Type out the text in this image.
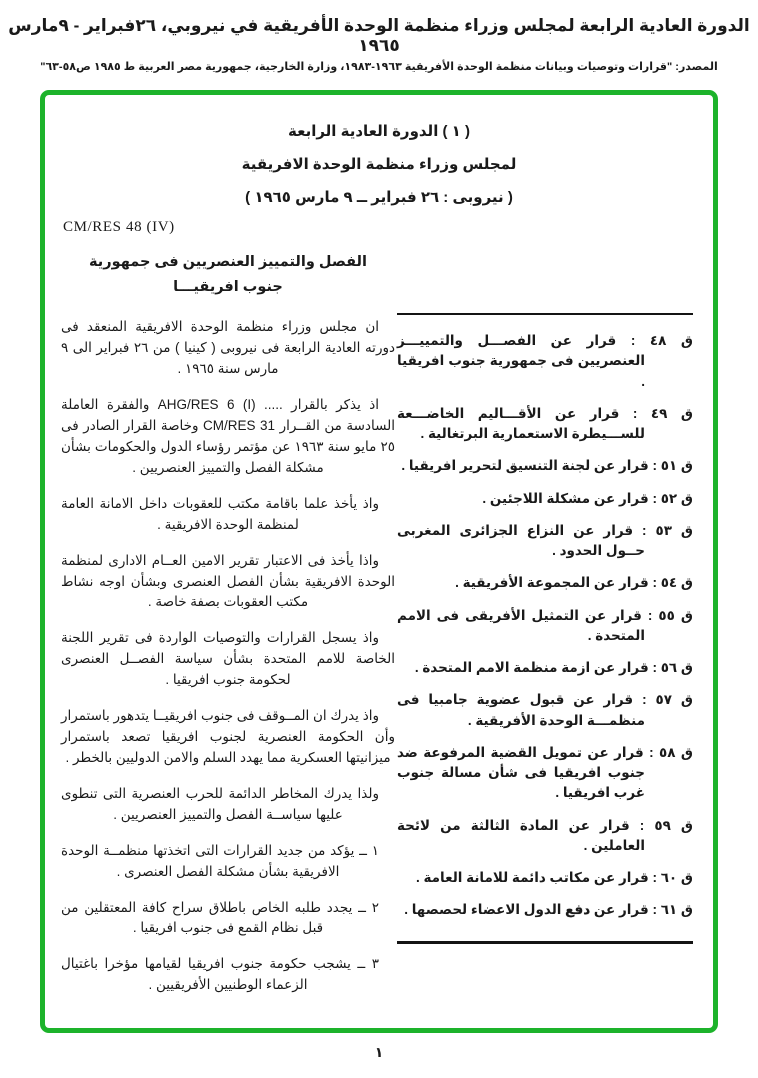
الدورة العادية الرابعة لمجلس وزراء منظمة الوحدة الأفريقية في نيروبي، ٢٦فبراير - ٩مارس ١٩٦٥
المصدر: "قرارات وتوصيات وبيانات منظمة الوحدة الأفريقية ١٩٦٣-١٩٨٣، وزارة الخارجية، جمهورية مصر العربية ط ١٩٨٥ ص٥٨-٦٣"
( ١ ) الدورة العادية الرابعة
لمجلس وزراء منظمة الوحدة الافريقية
( نيروبى : ٢٦ فبراير ــ ٩ مارس ١٩٦٥ )
CM/RES 48 (IV)
الفصل والتمييز العنصريين فى جمهورية جنوب افريقيـــا

ان مجلس وزراء منظمة الوحدة الافريقية المنعقد فى دورته العادية الرابعة فى نيروبى ( كينيا ) من ٢٦ فبراير الى ٩ مارس سنة ١٩٦٥ .

اذ يذكر بالقرار ..... ‎AHG/RES 6 (I)‎ والفقرة العاملة السادسة من القــرار ‎CM/RES 31‎ وخاصة القرار الصادر فى ٢٥ مايو سنة ١٩٦٣ عن مؤتمر رؤساء الدول والحكومات بشأن مشكلة الفصل والتمييز العنصريين .

واذ يأخذ علما باقامة مكتب للعقوبات داخل الامانة العامة لمنظمة الوحدة الافريقية .

واذا يأخذ فى الاعتبار تقرير الامين العــام الادارى لمنظمة الوحدة الافريقية بشأن الفصل العنصرى وبشأن اوجه نشاط مكتب العقوبات بصفة خاصة .

واذ يسجل القرارات والتوصيات الواردة فى تقرير اللجنة الخاصة للامم المتحدة بشأن سياسة الفصــل العنصرى لحكومة جنوب افريقيا .

واذ يدرك ان المــوقف فى جنوب افريقيــا يتدهور باستمرار وأن الحكومة العنصرية لجنوب افريقيا تصعد باستمرار ميزانيتها العسكرية مما يهدد السلم والامن الدوليين بالخطر .

ولذا يدرك المخاطر الدائمة للحرب العنصرية التى تنطوى عليها سياســة الفصل والتمييز العنصريين .

١ ــ يؤكد من جديد القرارات التى اتخذتها منظمــة الوحدة الافريقية بشأن مشكلة الفصل العنصرى .

٢ ــ يجدد طلبه الخاص باطلاق سراح كافة المعتقلين من قبل نظام القمع فى جنوب افريقيا .

٣ ــ يشجب حكومة جنوب افريقيا لقيامها مؤخرا باغتيال الزعماء الوطنيين الأفريقيين .

ق ٤٨ : قرار عن الفصـــل والتمييـــز العنصريين فى جمهورية جنوب افريقيا .
ق ٤٩ : قرار عن الأقـــاليم الخاضـــعة للســـيطرة الاستعمارية البرتغالية .
ق ٥١ : قرار عن لجنة التنسيق لتحرير افريقيا .
ق ٥٢ : قرار عن مشكلة اللاجئين .
ق ٥٣ : قرار عن النزاع الجزائرى المغربى حــول الحدود .
ق ٥٤ : قرار عن المجموعة الأفريقية .
ق ٥٥ : قرار عن التمثيل الأفريقى فى الامم المتحدة .
ق ٥٦ : قرار عن ازمة منظمة الامم المتحدة .
ق ٥٧ : قرار عن قبول عضوية جامبيا فى منظمـــة الوحدة الأفريقية .
ق ٥٨ : قرار عن تمويل القضية المرفوعة ضد جنوب افريقيا فى شأن مسالة جنوب غرب افريقيا .
ق ٥٩ : قرار عن المادة الثالثة من لائحة العاملين .
ق ٦٠ : قرار عن مكاتب دائمة للامانة العامة .
ق ٦١ : قرار عن دفع الدول الاعضاء لحصصها .
١
